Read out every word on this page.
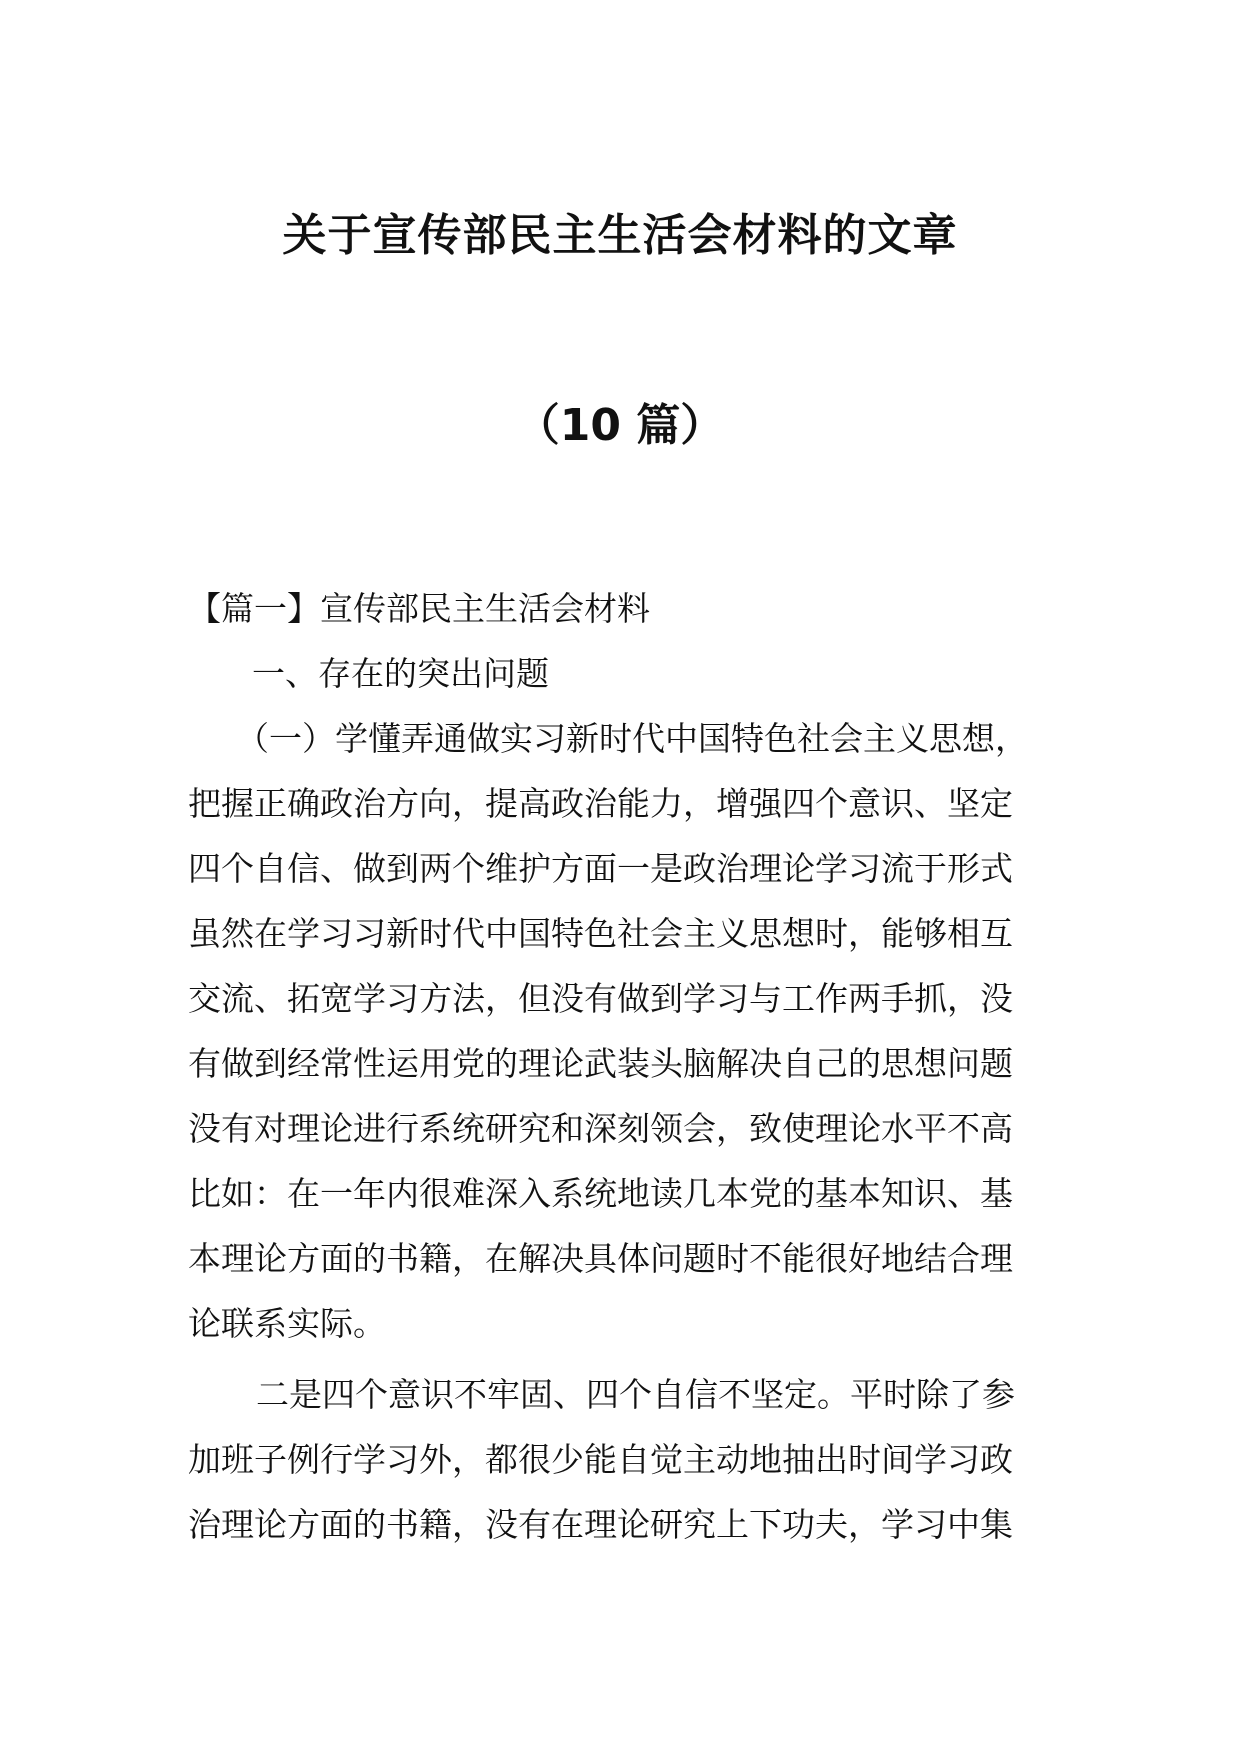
关于宣传部民主生活会材料的文章
（10 篇）
【篇一】宣传部民主生活会材料
一、存在的突出问题
（一）学懂弄通做实习新时代中国特色社会主义思想，
把握正确政治方向，提高政治能力，增强四个意识、坚定
四个自信、做到两个维护方面一是政治理论学习流于形式
虽然在学习习新时代中国特色社会主义思想时，能够相互
交流、拓宽学习方法，但没有做到学习与工作两手抓，没
有做到经常性运用党的理论武装头脑解决自己的思想问题
没有对理论进行系统研究和深刻领会，致使理论水平不高
比如：在一年内很难深入系统地读几本党的基本知识、基
本理论方面的书籍，在解决具体问题时不能很好地结合理
论联系实际。
二是四个意识不牢固、四个自信不坚定。平时除了参
加班子例行学习外，都很少能自觉主动地抽出时间学习政
治理论方面的书籍，没有在理论研究上下功夫，学习中集
